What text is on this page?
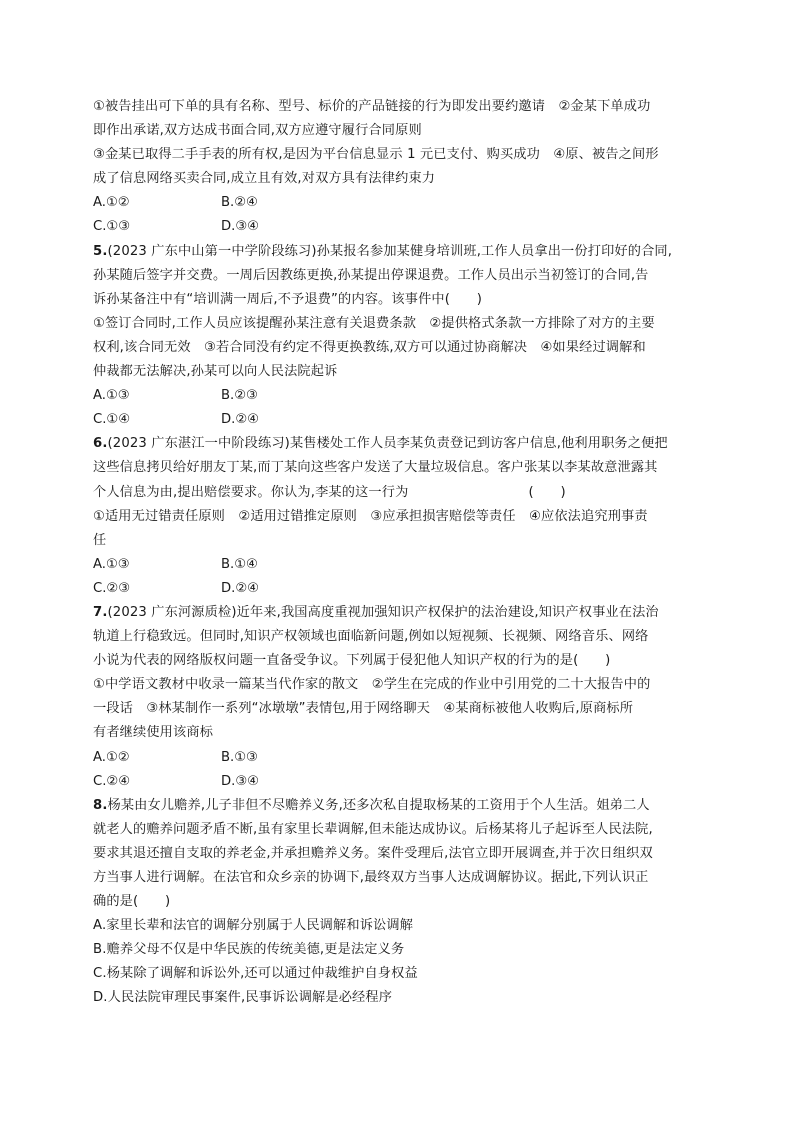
①被告挂出可下单的具有名称、型号、标价的产品链接的行为即发出要约邀请　②金某下单成功
即作出承诺,双方达成书面合同,双方应遵守履行合同原则
③金某已取得二手手表的所有权,是因为平台信息显示 1 元已支付、购买成功　④原、被告之间形
成了信息网络买卖合同,成立且有效,对双方具有法律约束力
A.①②	B.②④
C.①③	D.③④
5.(2023 广东中山第一中学阶段练习)孙某报名参加某健身培训班,工作人员拿出一份打印好的合同,
孙某随后签字并交费。一周后因教练更换,孙某提出停课退费。工作人员出示当初签订的合同,告
诉孙某备注中有“培训满一周后,不予退费”的内容。该事件中(　　)
①签订合同时,工作人员应该提醒孙某注意有关退费条款　②提供格式条款一方排除了对方的主要
权利,该合同无效　③若合同没有约定不得更换教练,双方可以通过协商解决　④如果经过调解和
仲裁都无法解决,孙某可以向人民法院起诉
A.①③	B.②③
C.①④	D.②④
6.(2023 广东湛江一中阶段练习)某售楼处工作人员李某负责登记到访客户信息,他利用职务之便把
这些信息拷贝给好朋友丁某,而丁某向这些客户发送了大量垃圾信息。客户张某以李某故意泄露其
个人信息为由,提出赔偿要求。你认为,李某的这一行为　　　　　　　　　(　　)
①适用无过错责任原则　②适用过错推定原则　③应承担损害赔偿等责任　④应依法追究刑事责
任
A.①③	B.①④
C.②③	D.②④
7.(2023 广东河源质检)近年来,我国高度重视加强知识产权保护的法治建设,知识产权事业在法治
轨道上行稳致远。但同时,知识产权领域也面临新问题,例如以短视频、长视频、网络音乐、网络
小说为代表的网络版权问题一直备受争议。下列属于侵犯他人知识产权的行为的是(　　)
①中学语文教材中收录一篇某当代作家的散文　②学生在完成的作业中引用党的二十大报告中的
一段话　③林某制作一系列“冰墩墩”表情包,用于网络聊天　④某商标被他人收购后,原商标所
有者继续使用该商标
A.①②	B.①③
C.②④	D.③④
8.杨某由女儿赡养,儿子非但不尽赡养义务,还多次私自提取杨某的工资用于个人生活。姐弟二人
就老人的赡养问题矛盾不断,虽有家里长辈调解,但未能达成协议。后杨某将儿子起诉至人民法院,
要求其退还擅自支取的养老金,并承担赡养义务。案件受理后,法官立即开展调查,并于次日组织双
方当事人进行调解。在法官和众乡亲的协调下,最终双方当事人达成调解协议。据此,下列认识正
确的是(　　)
A.家里长辈和法官的调解分别属于人民调解和诉讼调解
B.赡养父母不仅是中华民族的传统美德,更是法定义务
C.杨某除了调解和诉讼外,还可以通过仲裁维护自身权益
D.人民法院审理民事案件,民事诉讼调解是必经程序
